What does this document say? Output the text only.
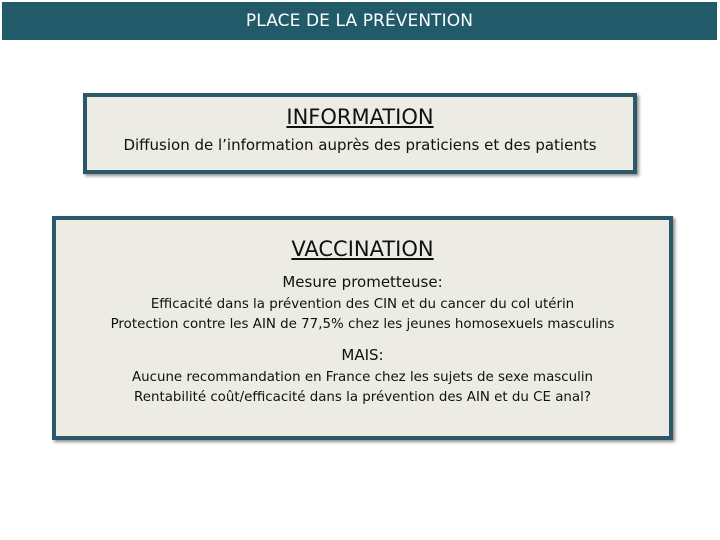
PLACE DE LA PRÉVENTION
INFORMATION
Diffusion de l’information auprès des praticiens et des patients
VACCINATION
Mesure prometteuse:
Efficacité dans la prévention des CIN et du cancer du col utérin
Protection contre les AIN de 77,5% chez les jeunes homosexuels masculins
MAIS:
Aucune recommandation en France chez les sujets de sexe masculin
Rentabilité coût/efficacité dans la prévention des AIN et du CE anal?
